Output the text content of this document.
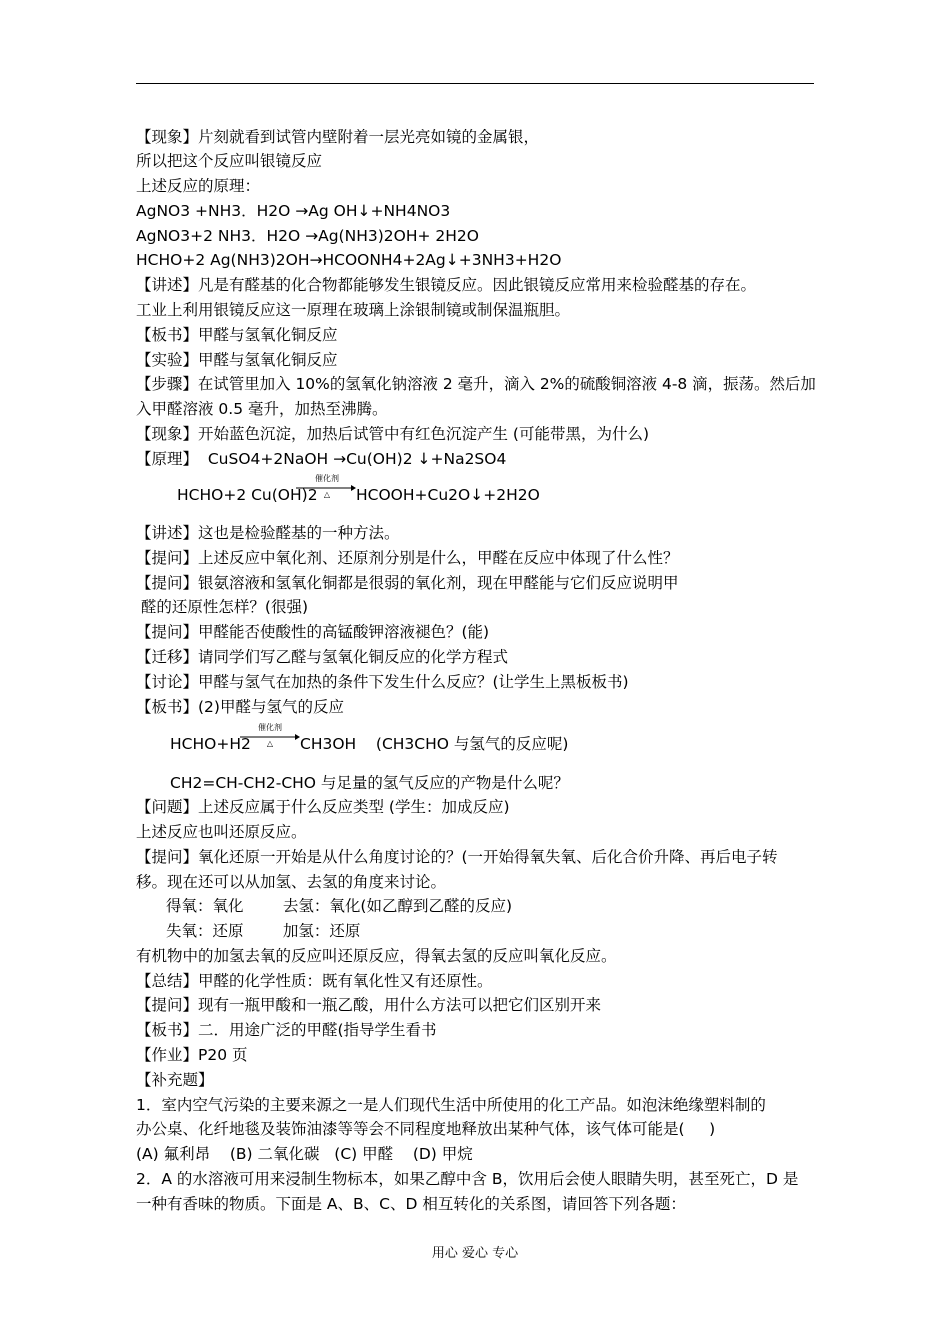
【现象】片刻就看到试管内壁附着一层光亮如镜的金属银，
所以把这个反应叫银镜反应
上述反应的原理：
AgNO3 +NH3．H2O →Ag OH↓+NH4NO3
AgNO3+2 NH3．H2O →Ag(NH3)2OH+ 2H2O
HCHO+2 Ag(NH3)2OH→HCOONH4+2Ag↓+3NH3+H2O
【讲述】凡是有醛基的化合物都能够发生银镜反应。因此银镜反应常用来检验醛基的存在。
工业上利用银镜反应这一原理在玻璃上涂银制镜或制保温瓶胆。
【板书】甲醛与氢氧化铜反应
【实验】甲醛与氢氧化铜反应
【步骤】在试管里加入 10%的氢氧化钠溶液 2 毫升，滴入 2%的硫酸铜溶液 4-8 滴，振荡。然后加
入甲醛溶液 0.5 毫升，加热至沸腾。
【现象】开始蓝色沉淀，加热后试管中有红色沉淀产生 (可能带黑，为什么)
【原理】  CuSO4+2NaOH →Cu(OH)2 ↓+Na2SO4
HCHO+2 Cu(OH)2
催化剂
△	HCOOH+Cu2O↓+2H2O
【讲述】这也是检验醛基的一种方法。
【提问】上述反应中氧化剂、还原剂分别是什么，甲醛在反应中体现了什么性？
【提问】银氨溶液和氢氧化铜都是很弱的氧化剂，现在甲醛能与它们反应说明甲
醛的还原性怎样？(很强)
【提问】甲醛能否使酸性的高锰酸钾溶液褪色？(能)
【迁移】请同学们写乙醛与氢氧化铜反应的化学方程式
【讨论】甲醛与氢气在加热的条件下发生什么反应？(让学生上黑板板书)
【板书】(2)甲醛与氢气的反应
HCHO+H2
催化剂
△	CH3OH    (CH3CHO 与氢气的反应呢)
CH2=CH-CH2-CHO 与足量的氢气反应的产物是什么呢？
【问题】上述反应属于什么反应类型 (学生：加成反应)
上述反应也叫还原反应。
【提问】氧化还原一开始是从什么角度讨论的？(一开始得氧失氧、后化合价升降、再后电子转
移。现在还可以从加氢、去氢的角度来讨论。
得氧：氧化        去氢：氧化(如乙醇到乙醛的反应)
失氧：还原        加氢：还原
有机物中的加氢去氧的反应叫还原反应，得氧去氢的反应叫氧化反应。
【总结】甲醛的化学性质：既有氧化性又有还原性。
【提问】现有一瓶甲酸和一瓶乙酸，用什么方法可以把它们区别开来
【板书】二．用途广泛的甲醛(指导学生看书
【作业】P20 页
【补充题】
1．室内空气污染的主要来源之一是人们现代生活中所使用的化工产品。如泡沫绝缘塑料制的
办公桌、化纤地毯及装饰油漆等等会不同程度地释放出某种气体，该气体可能是(     )
(A) 氟利昂    (B) 二氧化碳   (C) 甲醛    (D) 甲烷
2．A 的水溶液可用来浸制生物标本，如果乙醇中含 B，饮用后会使人眼睛失明，甚至死亡，D 是
一种有香味的物质。下面是 A、B、C、D 相互转化的关系图，请回答下列各题：
用心 爱心 专心
